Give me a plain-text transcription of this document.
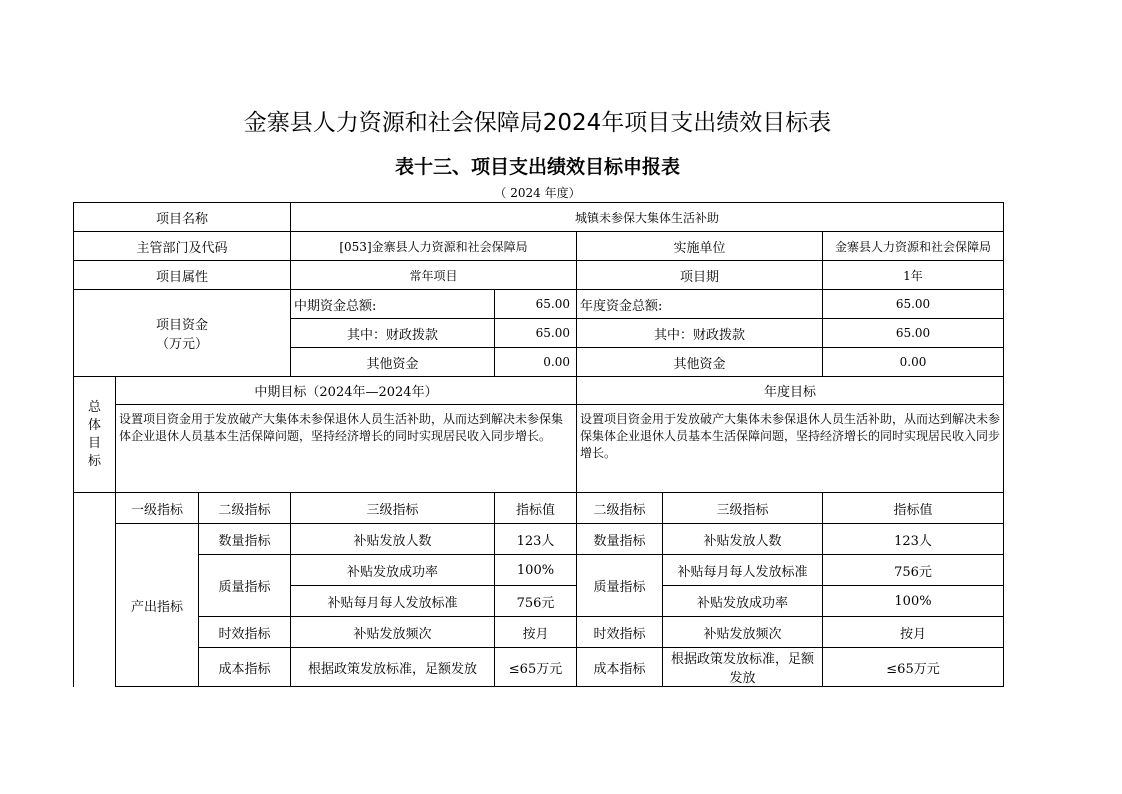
金寨县人力资源和社会保障局2024年项目支出绩效目标表
表十三、项目支出绩效目标申报表
（ 2024 年度）
项目名称			城镇未参保大集体生活补助				
主管部门及代码			[053]金寨县人力资源和社会保障局		实施单位		金寨县人力资源和社会保障局
项目属性			常年项目		项目期		1年

项目资金
（万元）			中期资金总额:	65.00	年度资金总额:		65.00
			其中：财政拨款	65.00	其中：财政拨款		65.00
			其他资金	0.00	其他资金		0.00

总
体
目
标	中期目标（2024年—2024年）				年度目标		
	设置项目资金用于发放破产大集体未参保退休人员生活补助，从而达到解决未参保集体企业退休人员基本生活保障问题，坚持经济增长的同时实现居民收入同步增长。				设置项目资金用于发放破产大集体未参保退休人员生活补助，从而达到解决未参保集体企业退休人员基本生活保障问题，坚持经济增长的同时实现居民收入同步增长。		
	一级指标	二级指标	三级指标	指标值	二级指标	三级指标	指标值
	产出指标	数量指标	补贴发放人数	123人	数量指标	补贴发放人数	123人
		质量指标	补贴发放成功率	100%	质量指标	补贴每月每人发放标准	756元
			补贴每月每人发放标准	756元		补贴发放成功率	100%
		时效指标	补贴发放频次	按月	时效指标	补贴发放频次	按月
		成本指标	根据政策发放标准，足额发放	≤65万元	成本指标	根据政策发放标准，足额发放	≤65万元
